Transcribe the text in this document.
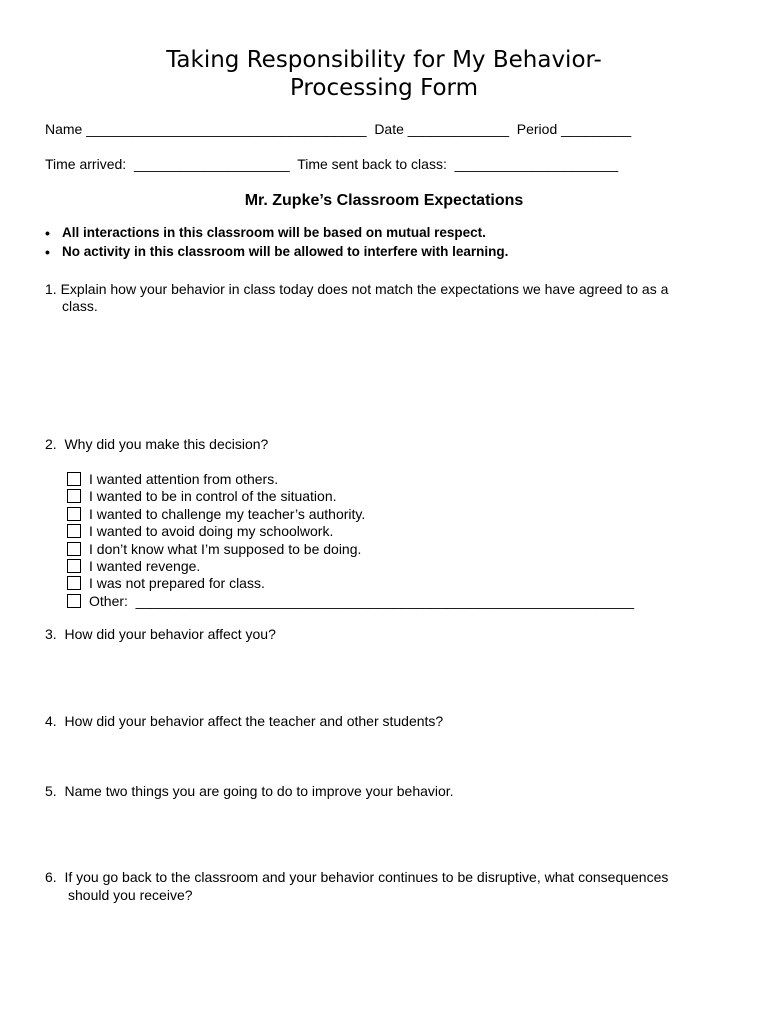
Taking Responsibility for My Behavior-
Processing Form
Name ____________________________________  Date _____________  Period _________
Time arrived:  ____________________  Time sent back to class:  _____________________
Mr. Zupke’s Classroom Expectations
• All interactions in this classroom will be based on mutual respect.
• No activity in this classroom will be allowed to interfere with learning.
1. Explain how your behavior in class today does not match the expectations we have agreed to as a
class.
2.  Why did you make this decision?
I wanted attention from others.
I wanted to be in control of the situation.
I wanted to challenge my teacher’s authority.
I wanted to avoid doing my schoolwork.
I don’t know what I’m supposed to be doing.
I wanted revenge.
I was not prepared for class.
Other:  ________________________________________________________________
3.  How did your behavior affect you?
4.  How did your behavior affect the teacher and other students?
5.  Name two things you are going to do to improve your behavior.
6.  If you go back to the classroom and your behavior continues to be disruptive, what consequences
should you receive?
